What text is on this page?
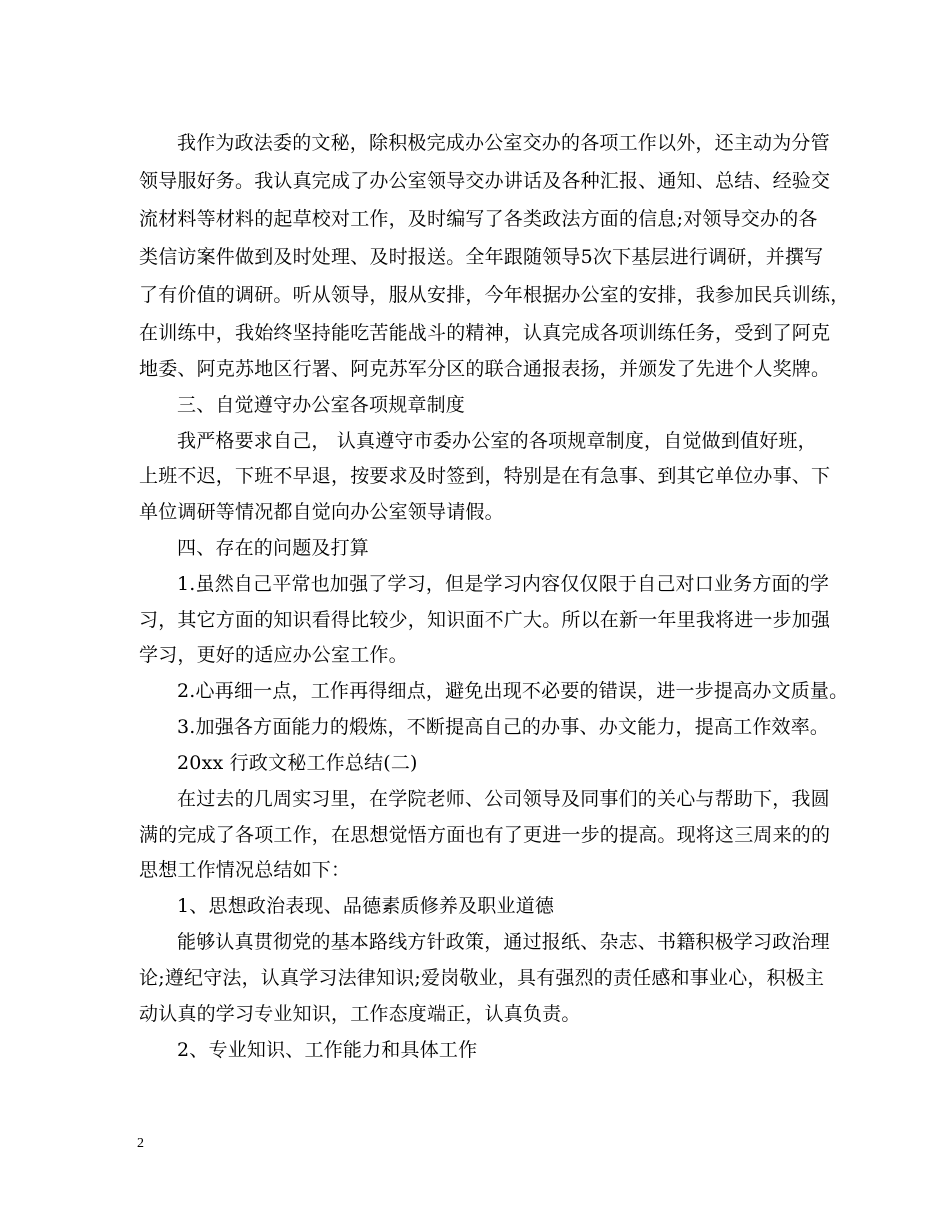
我作为政法委的文秘，除积极完成办公室交办的各项工作以外，还主动为分管
领导服好务。我认真完成了办公室领导交办讲话及各种汇报、通知、总结、经验交
流材料等材料的起草校对工作，及时编写了各类政法方面的信息;对领导交办的各
类信访案件做到及时处理、及时报送。全年跟随领导5次下基层进行调研，并撰写
了有价值的调研。听从领导，服从安排，今年根据办公室的安排，我参加民兵训练，
在训练中，我始终坚持能吃苦能战斗的精神，认真完成各项训练任务，受到了阿克
地委、阿克苏地区行署、阿克苏军分区的联合通报表扬，并颁发了先进个人奖牌。
三、自觉遵守办公室各项规章制度
我严格要求自己， 认真遵守市委办公室的各项规章制度，自觉做到值好班，
上班不迟，下班不早退，按要求及时签到，特别是在有急事、到其它单位办事、下
单位调研等情况都自觉向办公室领导请假。
四、存在的问题及打算
1.虽然自己平常也加强了学习，但是学习内容仅仅限于自己对口业务方面的学
习，其它方面的知识看得比较少，知识面不广大。所以在新一年里我将进一步加强
学习，更好的适应办公室工作。
2.心再细一点，工作再得细点，避免出现不必要的错误，进一步提高办文质量。
3.加强各方面能力的煅炼，不断提高自己的办事、办文能力，提高工作效率。
20xx 行政文秘工作总结(二)
在过去的几周实习里，在学院老师、公司领导及同事们的关心与帮助下，我圆
满的完成了各项工作，在思想觉悟方面也有了更进一步的提高。现将这三周来的的
思想工作情况总结如下：
1、思想政治表现、品德素质修养及职业道德
能够认真贯彻党的基本路线方针政策，通过报纸、杂志、书籍积极学习政治理
论;遵纪守法，认真学习法律知识;爱岗敬业，具有强烈的责任感和事业心，积极主
动认真的学习专业知识，工作态度端正，认真负责。
2、专业知识、工作能力和具体工作
2
